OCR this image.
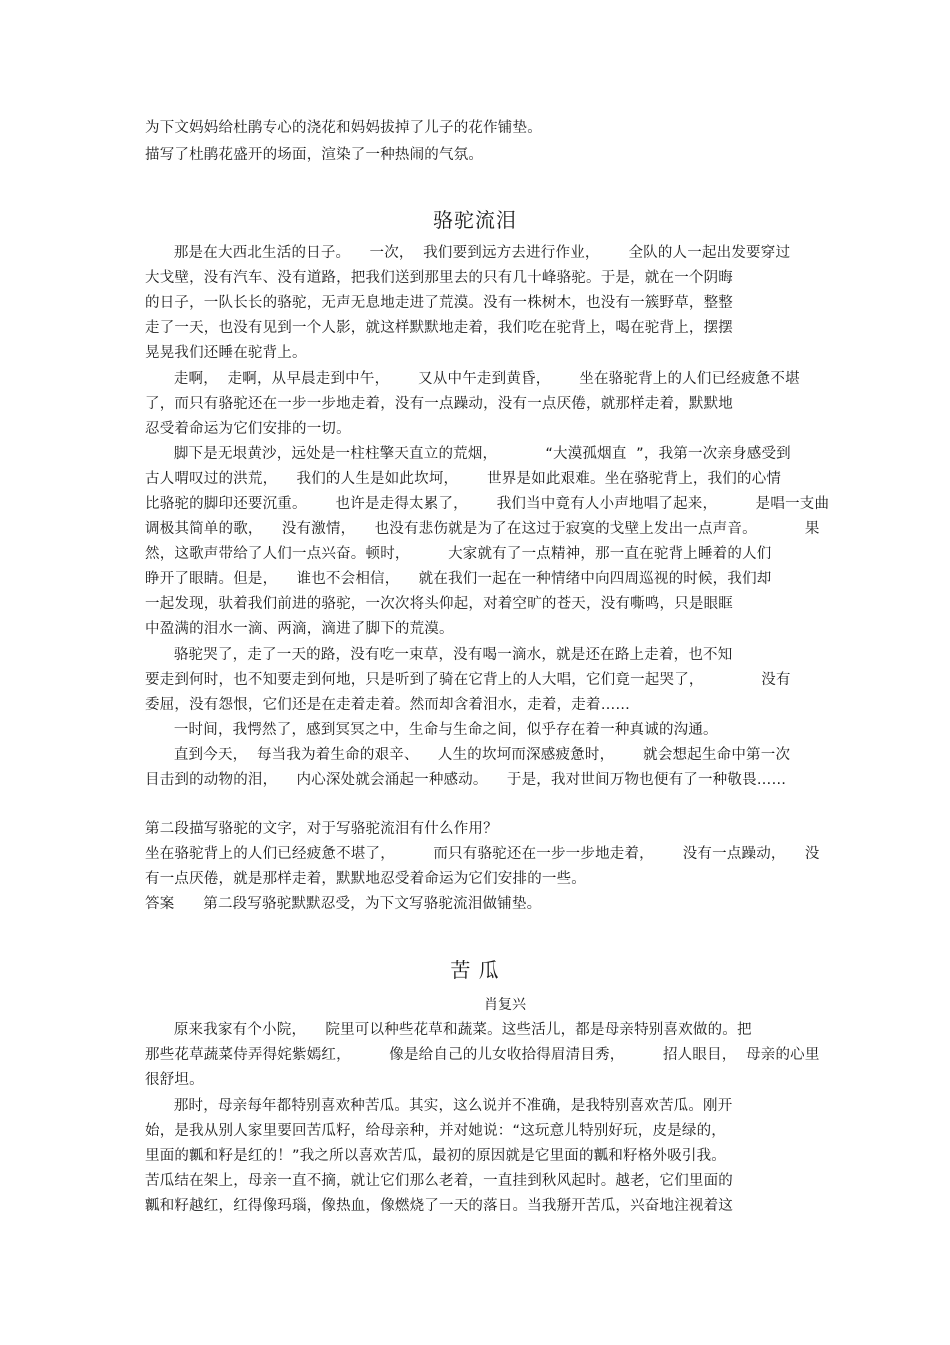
为下文妈妈给杜鹃专心的浇花和妈妈拔掉了儿子的花作铺垫。
描写了杜鹃花盛开的场面，渲染了一种热闹的气氛。
骆驼流泪
那是在大西北生活的日子。    一次，  我们要到远方去进行作业，      全队的人一起出发要穿过
大戈壁，没有汽车、没有道路，把我们送到那里去的只有几十峰骆驼。于是，就在一个阴晦
的日子，一队长长的骆驼，无声无息地走进了荒漠。没有一株树木，也没有一簇野草，整整
走了一天，也没有见到一个人影，就这样默默地走着，我们吃在驼背上，喝在驼背上，摆摆
晃晃我们还睡在驼背上。
走啊，  走啊，从早晨走到中午，      又从中午走到黄昏，      坐在骆驼背上的人们已经疲惫不堪
了，而只有骆驼还在一步一步地走着，没有一点躁动，没有一点厌倦，就那样走着，默默地
忍受着命运为它们安排的一切。
脚下是无垠黄沙，远处是一柱柱擎天直立的荒烟，          “大漠孤烟直  ”，我第一次亲身感受到
古人喟叹过的洪荒，    我们的人生是如此坎坷，      世界是如此艰难。坐在骆驼背上，我们的心情
比骆驼的脚印还要沉重。      也许是走得太累了，      我们当中竟有人小声地唱了起来，        是唱一支曲
调极其简单的歌，    没有激情，    也没有悲伤就是为了在这过于寂寞的戈壁上发出一点声音。          果
然，这歌声带给了人们一点兴奋。顿时，        大家就有了一点精神，那一直在驼背上睡着的人们
睁开了眼睛。但是，    谁也不会相信，    就在我们一起在一种情绪中向四周巡视的时候，我们却
一起发现，驮着我们前进的骆驼，一次次将头仰起，对着空旷的苍天，没有嘶鸣，只是眼眶
中盈满的泪水一滴、两滴，滴进了脚下的荒漠。
骆驼哭了，走了一天的路，没有吃一束草，没有喝一滴水，就是还在路上走着，也不知
要走到何时，也不知要走到何地，只是听到了骑在它背上的人大唱，它们竟一起哭了，            没有
委屈，没有怨恨，它们还是在走着走着。然而却含着泪水，走着，走着……
一时间，我愕然了，感到冥冥之中，生命与生命之间，似乎存在着一种真诚的沟通。
直到今天，  每当我为着生命的艰辛、    人生的坎坷而深感疲惫时，      就会想起生命中第一次
目击到的动物的泪，    内心深处就会涌起一种感动。    于是，我对世间万物也便有了一种敬畏……
第二段描写骆驼的文字，对于写骆驼流泪有什么作用？
坐在骆驼背上的人们已经疲惫不堪了，        而只有骆驼还在一步一步地走着，      没有一点躁动，    没
有一点厌倦，就是那样走着，默默地忍受着命运为它们安排的一些。
答案      第二段写骆驼默默忍受，为下文写骆驼流泪做铺垫。
苦 瓜
肖复兴
原来我家有个小院，    院里可以种些花草和蔬菜。这些活儿，都是母亲特别喜欢做的。把
那些花草蔬菜侍弄得姹紫嫣红，        像是给自己的儿女收拾得眉清目秀，        招人眼目，  母亲的心里
很舒坦。
那时，母亲每年都特别喜欢种苦瓜。其实，这么说并不准确，是我特别喜欢苦瓜。刚开
始，是我从别人家里要回苦瓜籽，给母亲种，并对她说：“这玩意儿特别好玩，皮是绿的，
里面的瓤和籽是红的！”我之所以喜欢苦瓜，最初的原因就是它里面的瓤和籽格外吸引我。
苦瓜结在架上，母亲一直不摘，就让它们那么老着，一直挂到秋风起时。越老，它们里面的
瓤和籽越红，红得像玛瑙，像热血，像燃烧了一天的落日。当我掰开苦瓜，兴奋地注视着这
